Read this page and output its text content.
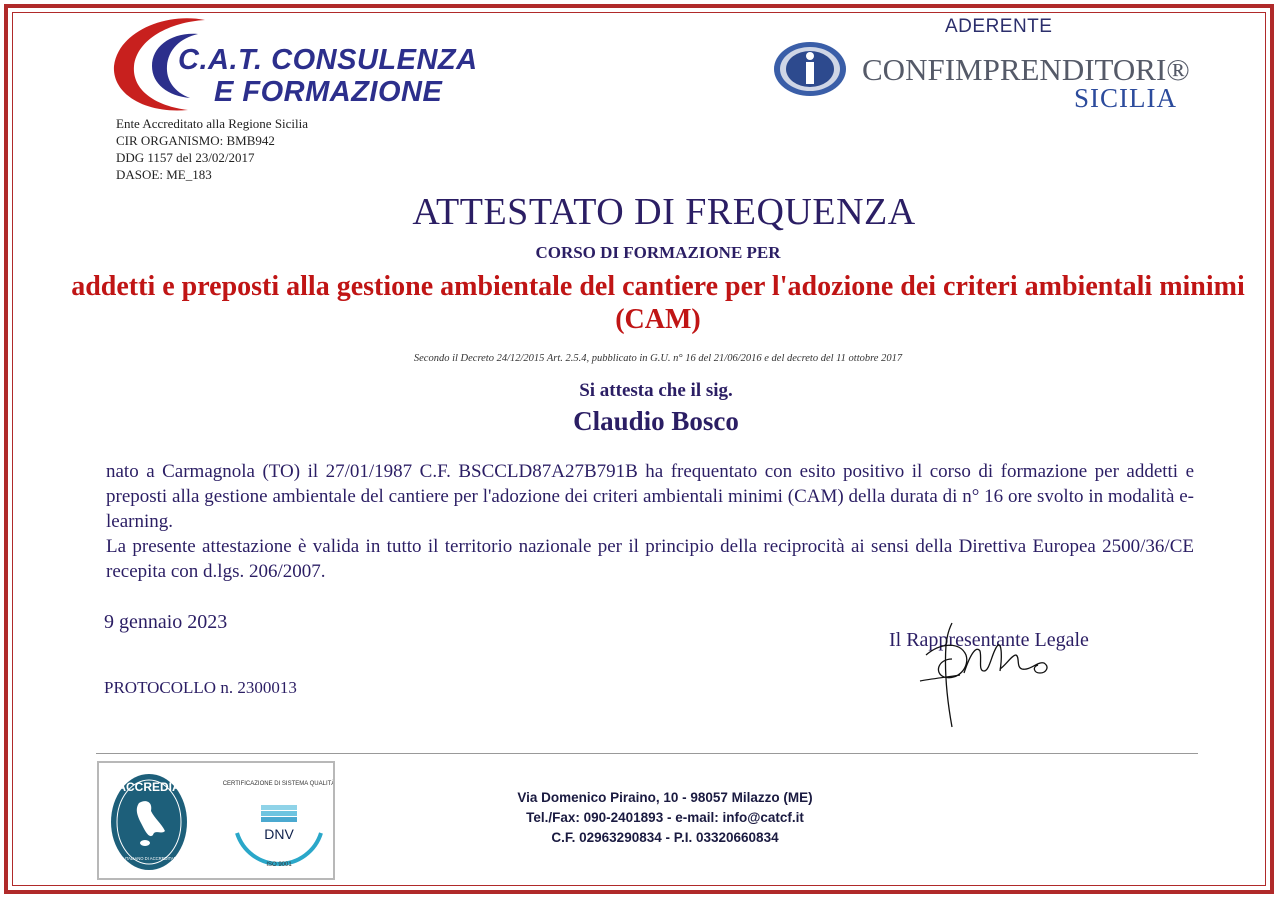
C.A.T. CONSULENZA
E FORMAZIONE
Ente Accreditato alla Regione Sicilia
CIR ORGANISMO: BMB942
DDG 1157 del 23/02/2017
DASOE: ME_183
ADERENTE
CONFIMPRENDITORI®
SICILIA
ATTESTATO DI FREQUENZA
CORSO DI FORMAZIONE PER
addetti e preposti alla gestione ambientale del cantiere per l'adozione dei criteri ambientali minimi (CAM)
Secondo il Decreto 24/12/2015 Art. 2.5.4, pubblicato in G.U. n° 16 del 21/06/2016 e del decreto del 11 ottobre 2017
Si attesta che il sig.
Claudio Bosco

nato a Carmagnola (TO) il 27/01/1987 C.F. BSCCLD87A27B791B ha frequentato con esito positivo il corso di formazione per addetti e preposti alla gestione ambientale del cantiere per l'adozione dei criteri ambientali minimi (CAM) della durata di n° 16 ore svolto in modalità e-learning.

La presente attestazione è valida in tutto il territorio nazionale per il principio della reciprocità ai sensi della Direttiva Europea 2500/36/CE recepita con d.lgs. 206/2007.

9 gennaio 2023
PROTOCOLLO n. 2300013
Il Rappresentante Legale
ACCREDIA
L'ENTE ITALIANO DI ACCREDITAMENTO
CERTIFICAZIONE DI SISTEMA QUALITÀ
DNV
ISO 9001
Via Domenico Piraino, 10 - 98057 Milazzo (ME)
Tel./Fax: 090-2401893 - e-mail: info@catcf.it
C.F. 02963290834 - P.I. 03320660834
